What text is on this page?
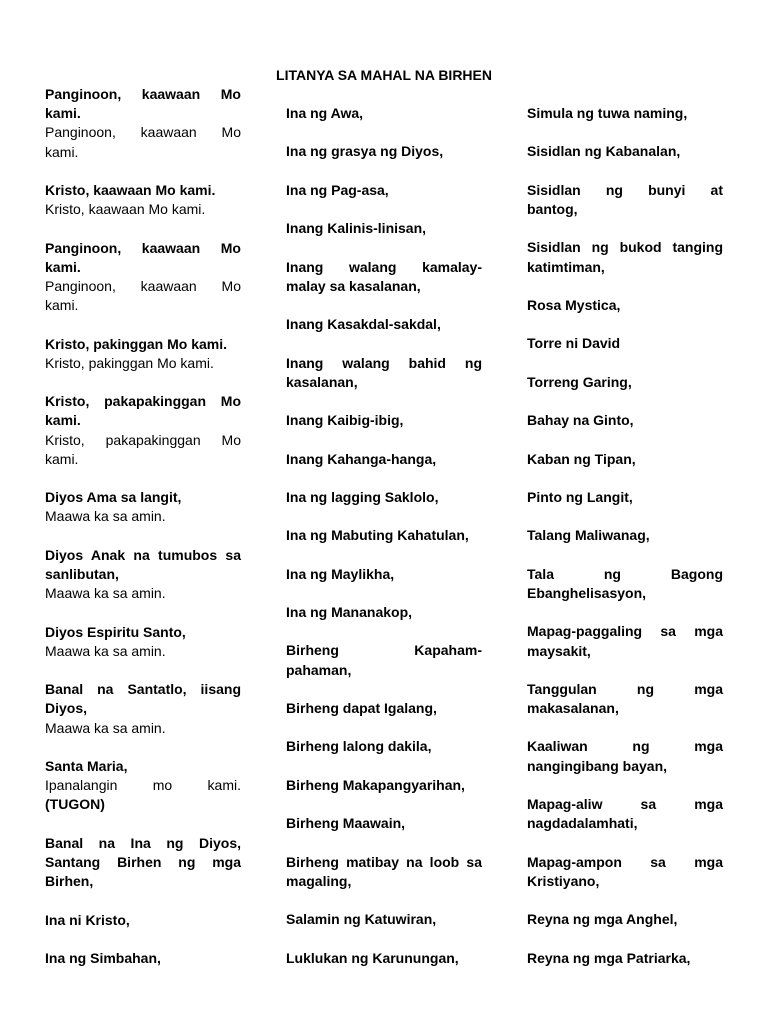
LITANYA SA MAHAL NA BIRHEN
Panginoon, kaawaan Mo
kami.
Panginoon, kaawaan Mo
kami.
Kristo, kaawaan Mo kami.
Kristo, kaawaan Mo kami.
Panginoon, kaawaan Mo
kami.
Panginoon, kaawaan Mo
kami.
Kristo, pakinggan Mo kami.
Kristo, pakinggan Mo kami.
Kristo, pakapakinggan Mo
kami.
Kristo, pakapakinggan Mo
kami.
Diyos Ama sa langit,
Maawa ka sa amin.
Diyos Anak na tumubos sa
sanlibutan,
Maawa ka sa amin.
Diyos Espiritu Santo,
Maawa ka sa amin.
Banal na Santatlo, iisang
Diyos,
Maawa ka sa amin.
Santa Maria,
Ipanalangin mo kami.
(TUGON)
Banal na Ina ng Diyos,
Santang Birhen ng mga
Birhen,
Ina ni Kristo,
Ina ng Simbahan,
Ina ng Awa,
Ina ng grasya ng Diyos,
Ina ng Pag-asa,
Inang Kalinis-linisan,
Inang walang kamalay-
malay sa kasalanan,
Inang Kasakdal-sakdal,
Inang walang bahid ng
kasalanan,
Inang Kaibig-ibig,
Inang Kahanga-hanga,
Ina ng lagging Saklolo,
Ina ng Mabuting Kahatulan,
Ina ng Maylikha,
Ina ng Mananakop,
Birheng Kapaham-
pahaman,
Birheng dapat Igalang,
Birheng lalong dakila,
Birheng Makapangyarihan,
Birheng Maawain,
Birheng matibay na loob sa
magaling,
Salamin ng Katuwiran,
Luklukan ng Karunungan,
Simula ng tuwa naming,
Sisidlan ng Kabanalan,
Sisidlan ng bunyi at
bantog,
Sisidlan ng bukod tanging
katimtiman,
Rosa Mystica,
Torre ni David
Torreng Garing,
Bahay na Ginto,
Kaban ng Tipan,
Pinto ng Langit,
Talang Maliwanag,
Tala ng Bagong
Ebanghelisasyon,
Mapag-paggaling sa mga
maysakit,
Tanggulan ng mga
makasalanan,
Kaaliwan ng mga
nangingibang bayan,
Mapag-aliw sa mga
nagdadalamhati,
Mapag-ampon sa mga
Kristiyano,
Reyna ng mga Anghel,
Reyna ng mga Patriarka,
